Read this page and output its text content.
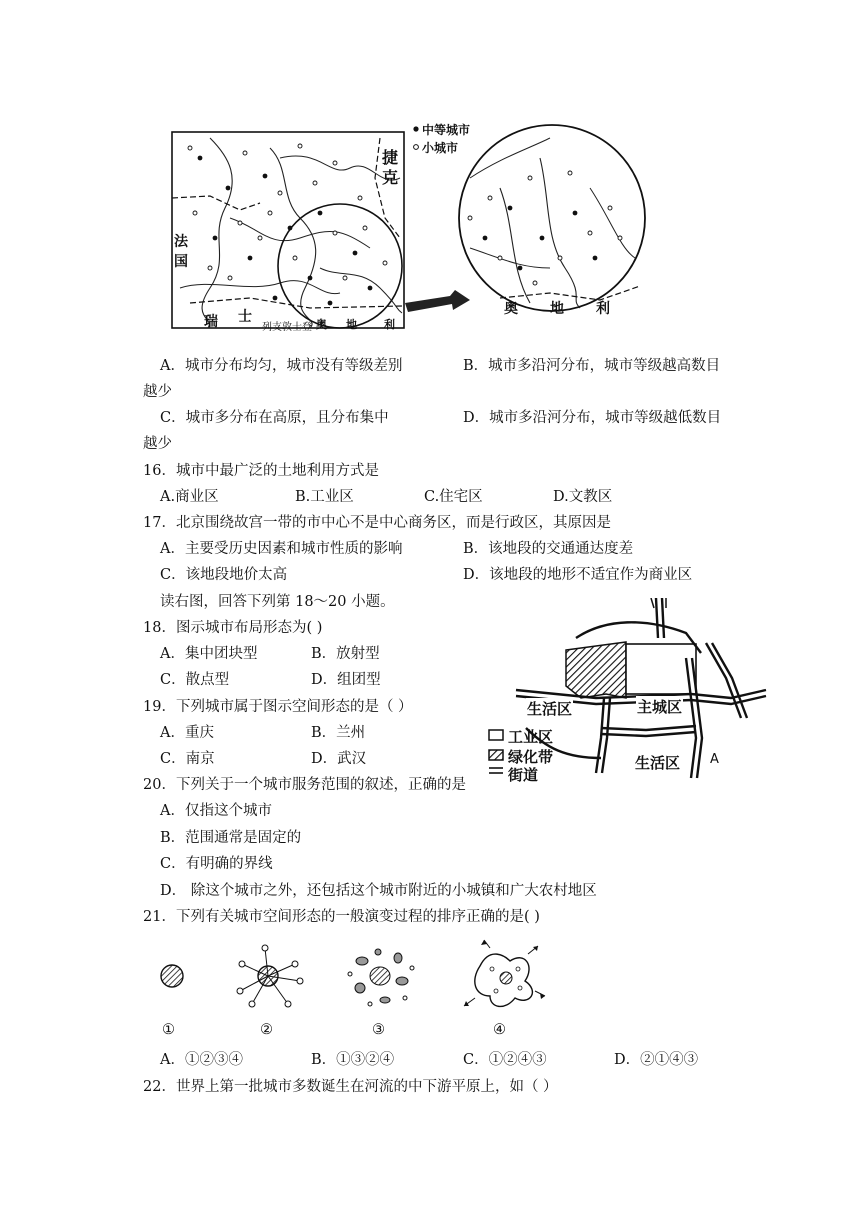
中等城市
小城市
捷克
法国
瑞 士
列支敦士登 奥 地 利
奥 地 利
A．城市分布均匀，城市没有等级差别	B．城市多沿河分布，城市等级越高数目
越少
C．城市多分布在高原，且分布集中	D．城市多沿河分布，城市等级越低数目
越少
16．城市中最广泛的土地利用方式是
A.商业区	B.工业区	C.住宅区	D.文教区
17．北京围绕故宫一带的市中心不是中心商务区，而是行政区，其原因是
A．主要受历史因素和城市性质的影响	B．该地段的交通通达度差
C．该地段地价太高	D．该地段的地形不适宜作为商业区
读右图，回答下列第 18～20 小题。
18．图示城市布局形态为( )
A．集中团块型	B．放射型
C．散点型	D．组团型
19．下列城市属于图示空间形态的是（ ）
A．重庆	B．兰州
C．南京	D．武汉
主城区
生活区
生活区 A
工业区
绿化带
街道
20．下列关于一个城市服务范围的叙述，正确的是
A．仅指这个城市
B．范围通常是固定的
C．有明确的界线
D． 除这个城市之外，还包括这个城市附近的小城镇和广大农村地区
21．下列有关城市空间形态的一般演变过程的排序正确的是( )
①	②	③	④
A．①②③④	B．①③②④	C．①②④③	D．②①④③
22．世界上第一批城市多数诞生在河流的中下游平原上，如（ ）
